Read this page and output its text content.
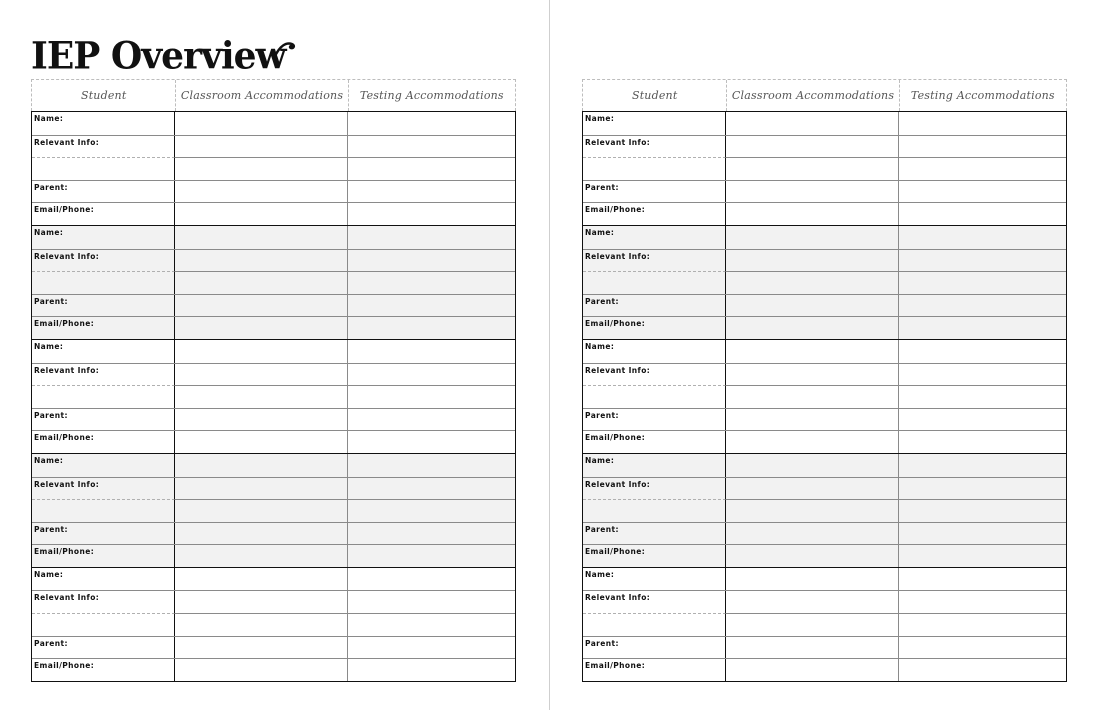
IEP Overview
Student	Classroom Accommodations	Testing Accommodations
Name:
Relevant Info:
Parent:
Email/Phone:
Name:
Relevant Info:
Parent:
Email/Phone:
Name:
Relevant Info:
Parent:
Email/Phone:
Name:
Relevant Info:
Parent:
Email/Phone:
Name:
Relevant Info:
Parent:
Email/Phone:
Student	Classroom Accommodations	Testing Accommodations
Name:
Relevant Info:
Parent:
Email/Phone:
Name:
Relevant Info:
Parent:
Email/Phone:
Name:
Relevant Info:
Parent:
Email/Phone:
Name:
Relevant Info:
Parent:
Email/Phone:
Name:
Relevant Info:
Parent:
Email/Phone:
